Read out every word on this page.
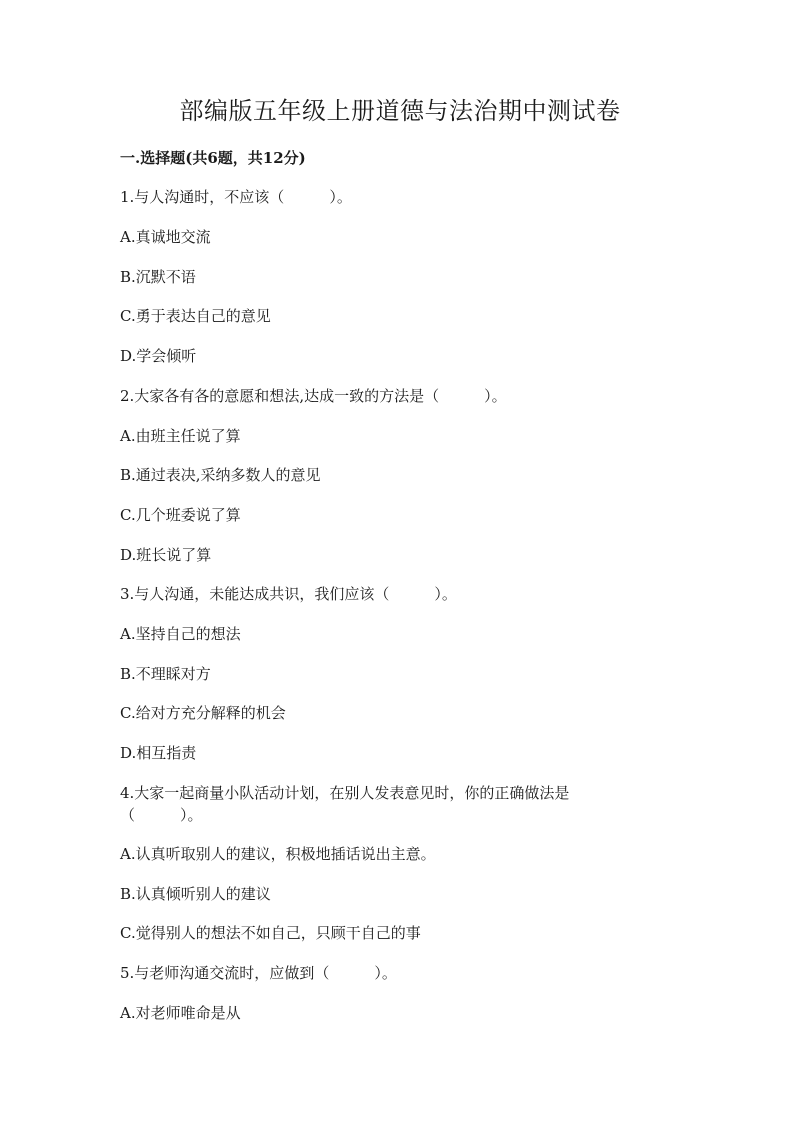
部编版五年级上册道德与法治期中测试卷
一.选择题(共6题，共12分)
1.与人沟通时，不应该（　　　）。
A.真诚地交流
B.沉默不语
C.勇于表达自己的意见
D.学会倾听
2.大家各有各的意愿和想法,达成一致的方法是（　　　）。
A.由班主任说了算
B.通过表决,采纳多数人的意见
C.几个班委说了算
D.班长说了算
3.与人沟通，未能达成共识，我们应该（　　　）。
A.坚持自己的想法
B.不理睬对方
C.给对方充分解释的机会
D.相互指责
4.大家一起商量小队活动计划，在别人发表意见时，你的正确做法是
（　　　）。
A.认真听取别人的建议，积极地插话说出主意。
B.认真倾听别人的建议
C.觉得别人的想法不如自己，只顾干自己的事
5.与老师沟通交流时，应做到（　　　）。
A.对老师唯命是从
